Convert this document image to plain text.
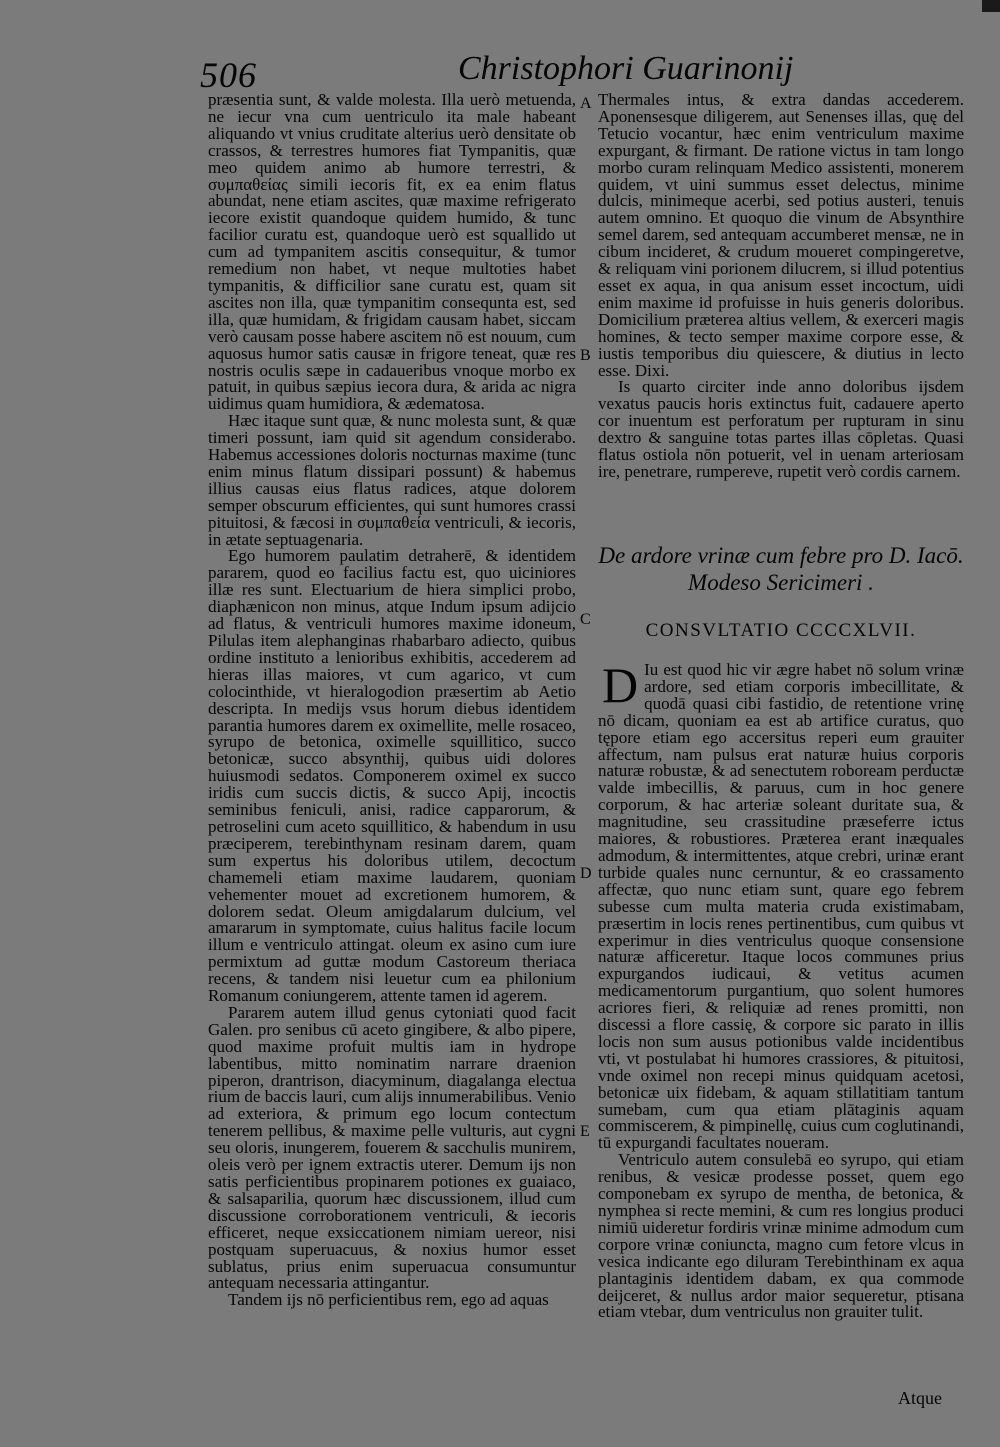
506	Christophori Guarinonij

præsentia sunt, & valde molesta. Illa uerò metuenda, ne iecur vna cum uentriculo ita male habeant aliquando vt vnius cruditate alterius uerò densitate ob crassos, & terrestres humores fiat Tympanitis, quæ meo quidem animo ab humore terrestri, & συμπαθείας simili iecoris fit, ex ea enim flatus abundat, nene etiam ascites, quæ maxime refrigerato iecore existit quandoque quidem humido, & tunc facilior curatu est, quandoque uerò est squallido ut cum ad tympanitem ascitis consequitur, & tumor remedium non habet, vt neque multoties habet tympanitis, & difficilior sane curatu est, quam sit ascites non illa, quæ tympanitim consequnta est, sed illa, quæ humidam, & frigidam causam habet, siccam verò causam posse habere ascitem nō est nouum, cum aquosus humor satis causæ in frigore teneat, quæ res nostris oculis sæpe in cadaueribus vnoque morbo ex patuit, in quibus sæpius iecora dura, & arida ac nigra uidimus quam humidiora, & ædematosa.

Hæc itaque sunt quæ, & nunc molesta sunt, & quæ timeri possunt, iam quid sit agendum considerabo. Habemus accessiones doloris nocturnas maxime (tunc enim minus flatum dissipari possunt) & habemus illius causas eius flatus radices, atque dolorem semper obscurum efficientes, qui sunt humores crassi pituitosi, & fæcosi in συμπαθεία ventriculi, & iecoris, in ætate septuagenaria.

Ego humorem paulatim detraherē, & identidem pararem, quod eo facilius factu est, quo uiciniores illæ res sunt. Electuarium de hiera simplici probo, diaphænicon non minus, atque Indum ipsum adijcio ad flatus, & ventriculi humores maxime idoneum, Pilulas item alephanginas rhabarbaro adiecto, quibus ordine instituto a lenioribus exhibitis, accederem ad hieras illas maiores, vt cum agarico, vt cum colocinthide, vt hieralogodion præsertim ab Aetio descripta. In medijs vsus horum diebus identidem parantia humores darem ex oximellite, melle rosaceo, syrupo de betonica, oximelle squillitico, succo betonicæ, succo absynthij, quibus uidi dolores huiusmodi sedatos. Componerem oximel ex succo iridis cum succis dictis, & succo Apij, incoctis seminibus feniculi, anisi, radice capparorum, & petroselini cum aceto squillitico, & habendum in usu præciperem, terebinthynam resinam darem, quam sum expertus his doloribus utilem, decoctum chamemeli etiam maxime laudarem, quoniam vehementer mouet ad excretionem humorem, & dolorem sedat. Oleum amigdalarum dulcium, vel amararum in symptomate, cuius halitus facile locum illum e ventriculo attingat. oleum ex asino cum iure permixtum ad guttæ modum Castoreum theriaca recens, & tandem nisi leuetur cum ea philonium Romanum coniungerem, attente tamen id agerem.

Pararem autem illud genus cytoniati quod facit Galen. pro senibus cū aceto gingibere, & albo pipere, quod maxime profuit multis iam in hydrope labentibus, mitto nominatim narrare draenion piperon, drantrison, diacyminum, diagalanga electua rium de baccis lauri, cum alijs innumerabilibus. Venio ad exteriora, & primum ego locum contectum tenerem pellibus, & maxime pelle vulturis, aut cygni seu oloris, inungerem, fouerem & sacchulis munirem, oleis verò per ignem extractis uterer. Demum ijs non satis perficientibus propinarem potiones ex guaiaco, & salsaparilia, quorum hæc discussionem, illud cum discussione corroborationem ventriculi, & iecoris efficeret, neque exsiccationem nimiam uereor, nisi postquam superuacuus, & noxius humor esset sublatus, prius enim superuacua consumuntur antequam necessaria attingantur.

Tandem ijs nō perficientibus rem, ego ad aquas

A
B
C
D
E

Thermales intus, & extra dandas accederem. Aponensesque diligerem, aut Senenses illas, quę del Tetucio vocantur, hæc enim ventriculum maxime expurgant, & firmant. De ratione victus in tam longo morbo curam relinquam Medico assistenti, monerem quidem, vt uini summus esset delectus, minime dulcis, minimeque acerbi, sed potius austeri, tenuis autem omnino. Et quoquo die vinum de Absynthire semel darem, sed antequam accumberet mensæ, ne in cibum incideret, & crudum moueret compingeretve, & reliquam vini porionem dilucrem, si illud potentius esset ex aqua, in qua anisum esset incoctum, uidi enim maxime id profuisse in huis generis doloribus. Domicilium præterea altius vellem, & exerceri magis homines, & tecto semper maxime corpore esse, & iustis temporibus diu quiescere, & diutius in lecto esse. Dixi.

Is quarto circiter inde anno doloribus ijsdem vexatus paucis horis extinctus fuit, cadauere aperto cor inuentum est perforatum per rupturam in sinu dextro & sanguine totas partes illas cōpletas. Quasi flatus ostiola nōn potuerit, vel in uenam arteriosam ire, penetrare, rumpereve, rupetit verò cordis carnem.

De ardore vrinæ cum febre pro D. Iacō.
Modeso Sericimeri .
CONSVLTATIO CCCCXLVII.

D Iu est quod hic vir ægre habet nō solum vrinæ ardore, sed etiam corporis imbecillitate, & quodā quasi cibi fastidio, de retentione vrinę nō dicam, quoniam ea est ab artifice curatus, quo tępore etiam ego accersitus reperi eum grauiter affectum, nam pulsus erat naturæ huius corporis naturæ robustæ, & ad senectutem roboream perductæ valde imbecillis, & paruus, cum in hoc genere corporum, & hac arteriæ soleant duritate sua, & magnitudine, seu crassitudine præseferre ictus maiores, & robustiores. Præterea erant inæquales admodum, & intermittentes, atque crebri, urinæ erant turbide quales nunc cernuntur, & eo crassamento affectæ, quo nunc etiam sunt, quare ego febrem subesse cum multa materia cruda existimabam, præsertim in locis renes pertinentibus, cum quibus vt experimur in dies ventriculus quoque consensione naturæ afficeretur. Itaque locos communes prius expurgandos iudicaui, & vetitus acumen medicamentorum purgantium, quo solent humores acriores fieri, & reliquiæ ad renes promitti, non discessi a flore cassię, & corpore sic parato in illis locis non sum ausus potionibus valde incidentibus vti, vt postulabat hi humores crassiores, & pituitosi, vnde oximel non recepi minus quidquam acetosi, betonicæ uix fidebam, & aquam stillatitiam tantum sumebam, cum qua etiam plātaginis aquam commiscerem, & pimpinellę, cuius cum coglutinandi, tū expurgandi facultates noueram.

Ventriculo autem consulebā eo syrupo, qui etiam renibus, & vesicæ prodesse posset, quem ego componebam ex syrupo de mentha, de betonica, & nymphea si recte memini, & cum res longius produci nimiū uideretur fordiris vrinæ minime admodum cum corpore vrinæ coniuncta, magno cum fetore vlcus in vesica indicante ego diluram Terebinthinam ex aqua plantaginis identidem dabam, ex qua commode deijceret, & nullus ardor maior sequeretur, ptisana etiam vtebar, dum ventriculus non grauiter tulit.

Atque
